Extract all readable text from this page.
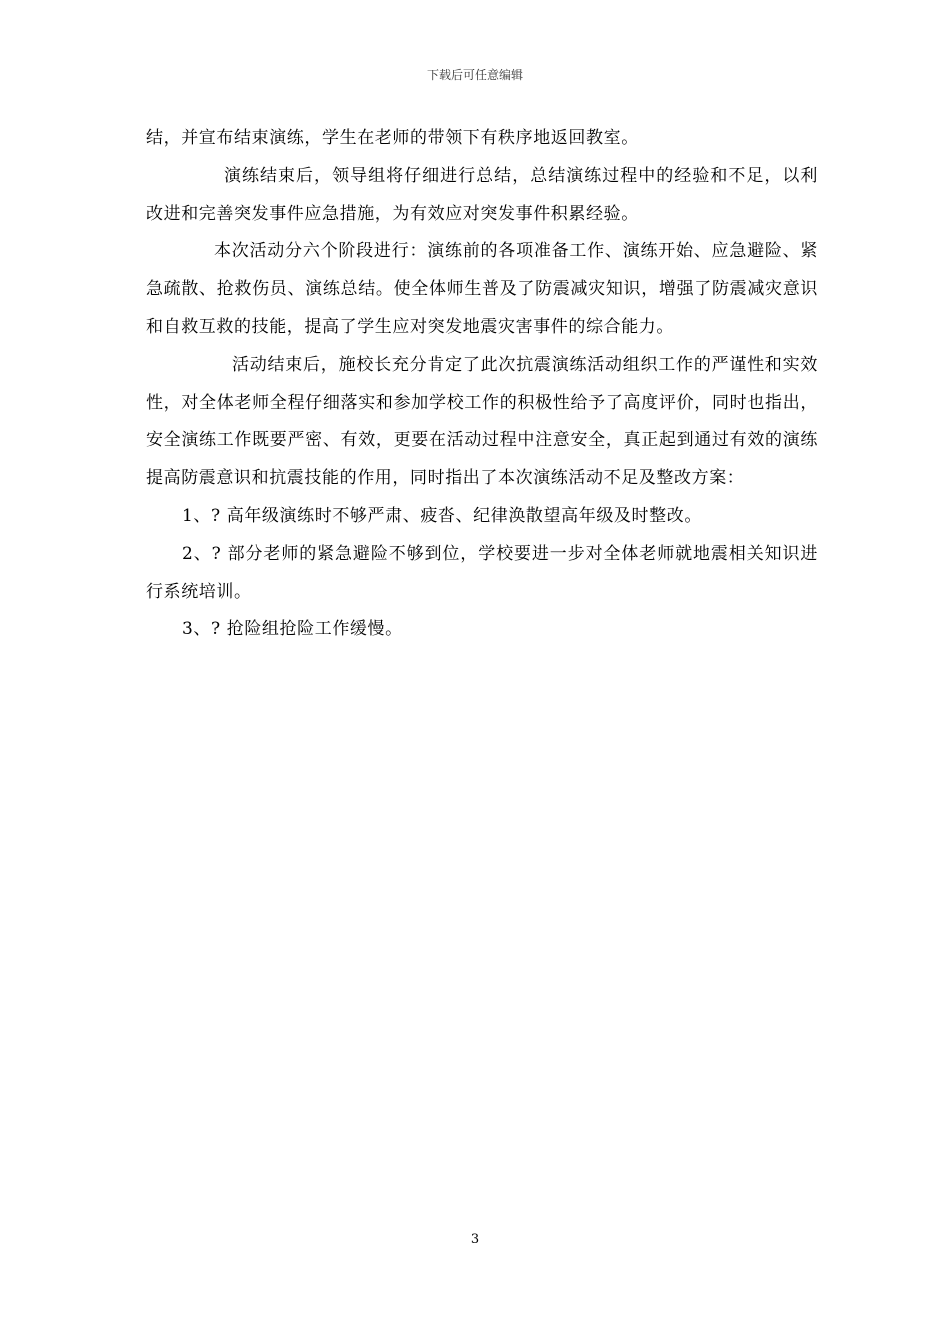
下载后可任意编辑

结，并宣布结束演练，学生在老师的带领下有秩序地返回教室。

演练结束后，领导组将仔细进行总结，总结演练过程中的经验和不足，以利改进和完善突发事件应急措施，为有效应对突发事件积累经验。

本次活动分六个阶段进行：演练前的各项准备工作、演练开始、应急避险、紧急疏散、抢救伤员、演练总结。使全体师生普及了防震减灾知识，增强了防震减灾意识和自救互救的技能，提高了学生应对突发地震灾害事件的综合能力。

活动结束后，施校长充分肯定了此次抗震演练活动组织工作的严谨性和实效性，对全体老师全程仔细落实和参加学校工作的积极性给予了高度评价，同时也指出，安全演练工作既要严密、有效，更要在活动过程中注意安全，真正起到通过有效的演练提高防震意识和抗震技能的作用，同时指出了本次演练活动不足及整改方案：

1、? 高年级演练时不够严肃、疲沓、纪律涣散望高年级及时整改。

2、? 部分老师的紧急避险不够到位，学校要进一步对全体老师就地震相关知识进行系统培训。

3、? 抢险组抢险工作缓慢。

3
